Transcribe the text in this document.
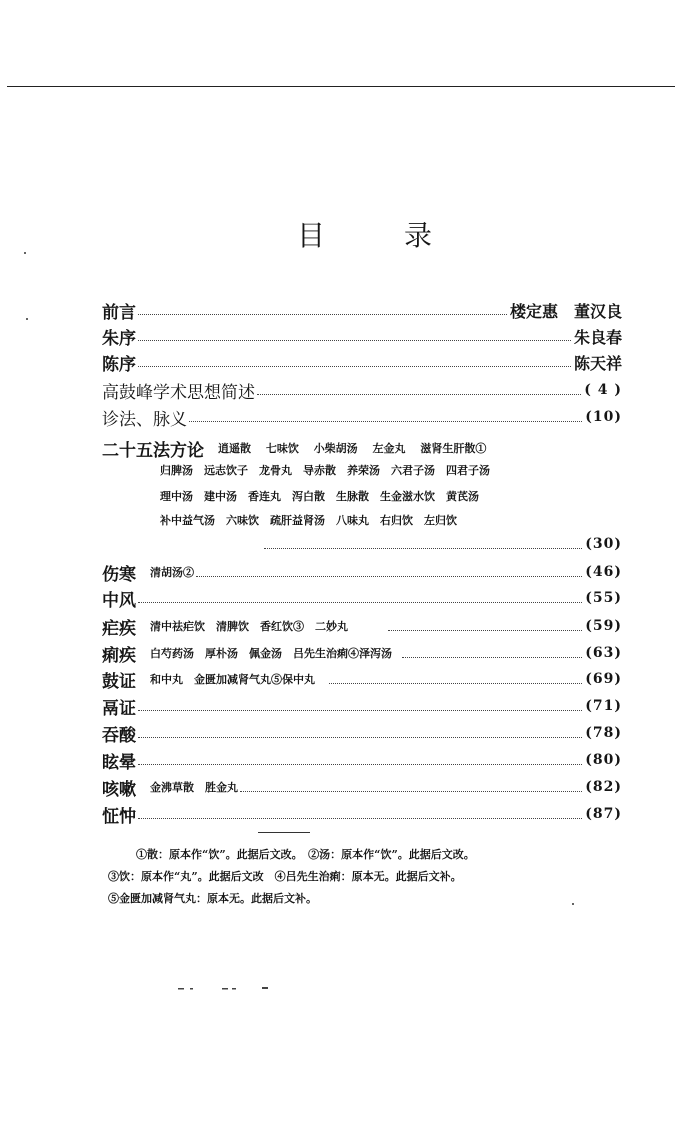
目	录
前言	楼定惠　董汉良
朱序	朱良春
陈序	陈天祥
高鼓峰学术思想简述	( 4 )
诊法、脉义	(10)
二十五法方论 逍遥散　 七味饮　 小柴胡汤　 左金丸　 滋肾生肝散①
归脾汤　 远志饮子　 龙骨丸　 导赤散　 养荣汤　 六君子汤　 四君子汤
理中汤　 建中汤　 香连丸　 泻白散　 生脉散　 生金滋水饮　 黄芪汤
补中益气汤　 六味饮　 疏肝益肾汤　 八味丸　 右归饮　 左归饮
(30)
伤寒 清胡汤②	(46)
中风	(55)
疟疾 清中祛疟饮　清脾饮　香红饮③　二妙丸	(59)
痢疾 白芍药汤　厚朴汤　佩金汤　吕先生治痢④泽泻汤	(63)
鼓证 和中丸　金匮加减肾气丸⑤保中丸	(69)
鬲证	(71)
吞酸	(78)
眩晕	(80)
咳嗽 金沸草散　胜金丸	(82)
怔忡	(87)
①散：原本作“饮”。此据后文改。　②汤：原本作“饮”。此据后文改。
③饮：原本作“丸”。此据后文改　④吕先生治痢：原本无。此据后文补。
⑤金匮加减肾气丸：原本无。此据后文补。
